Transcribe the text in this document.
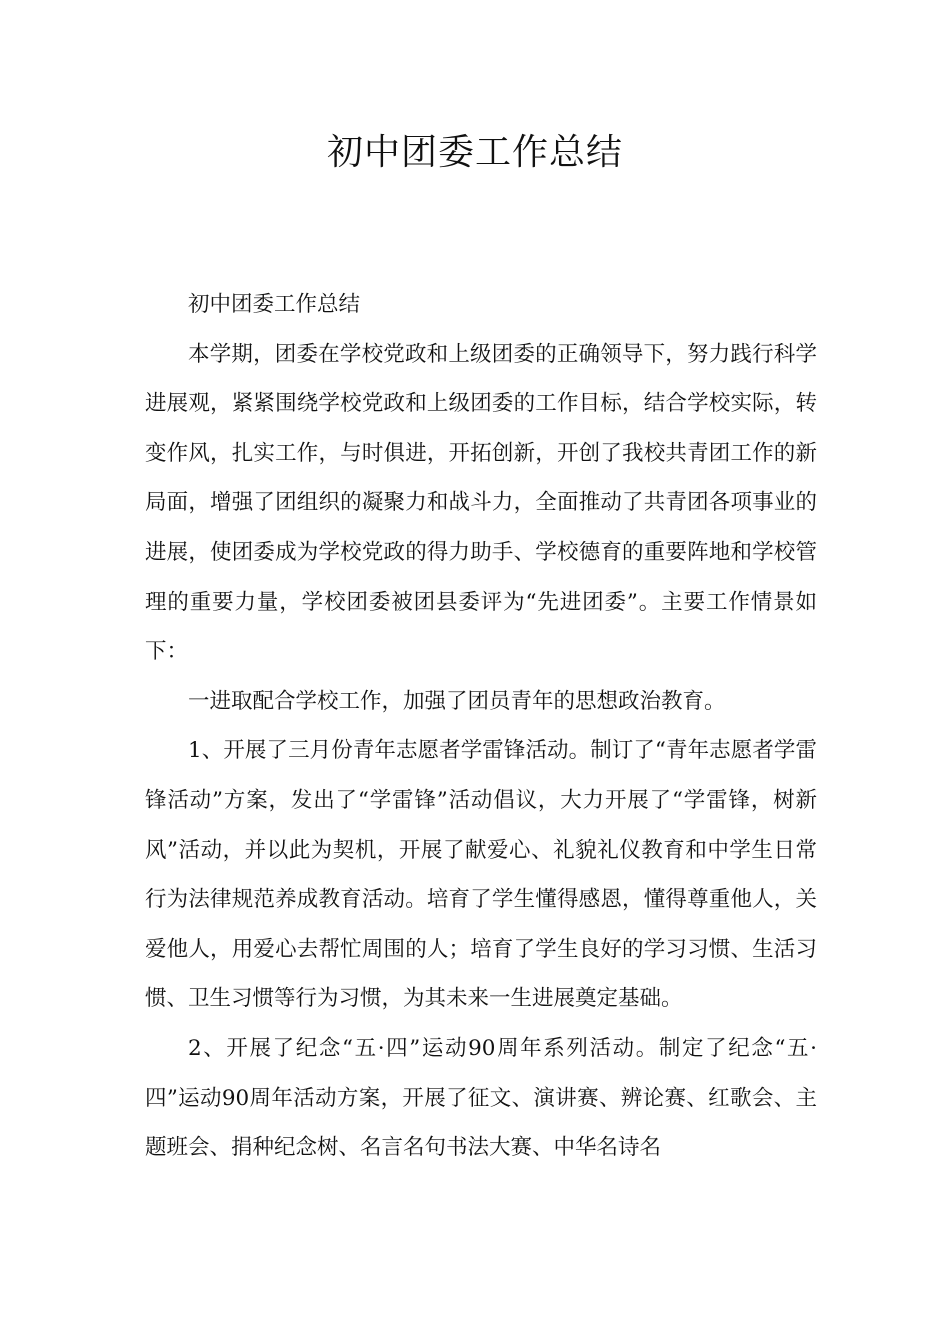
初中团委工作总结

初中团委工作总结

本学期，团委在学校党政和上级团委的正确领导下，努力践行科学进展观，紧紧围绕学校党政和上级团委的工作目标，结合学校实际，转变作风，扎实工作，与时俱进，开拓创新，开创了我校共青团工作的新局面，增强了团组织的凝聚力和战斗力，全面推动了共青团各项事业的进展，使团委成为学校党政的得力助手、学校德育的重要阵地和学校管理的重要力量，学校团委被团县委评为“先进团委”。主要工作情景如下：

一进取配合学校工作，加强了团员青年的思想政治教育。

1、开展了三月份青年志愿者学雷锋活动。制订了“青年志愿者学雷锋活动”方案，发出了“学雷锋”活动倡议，大力开展了“学雷锋，树新风”活动，并以此为契机，开展了献爱心、礼貌礼仪教育和中学生日常行为法律规范养成教育活动。培育了学生懂得感恩，懂得尊重他人，关爱他人，用爱心去帮忙周围的人；培育了学生良好的学习习惯、生活习惯、卫生习惯等行为习惯，为其未来一生进展奠定基础。

2、开展了纪念“五·四”运动90周年系列活动。制定了纪念“五·四”运动90周年活动方案，开展了征文、演讲赛、辨论赛、红歌会、主题班会、捐种纪念树、名言名句书法大赛、中华名诗名
